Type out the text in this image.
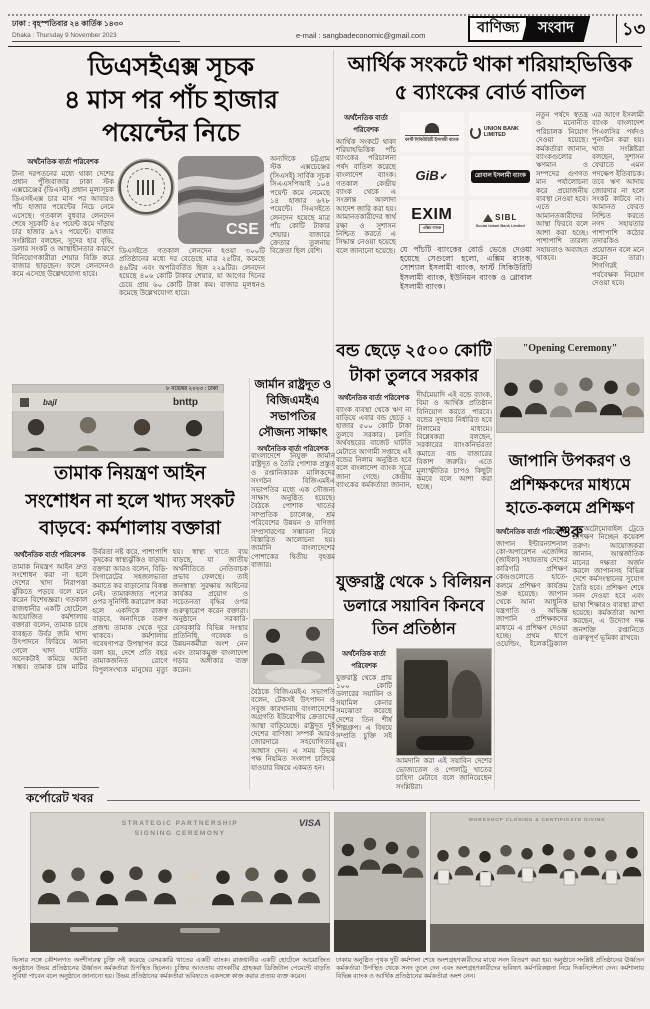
ঢাকা : বৃহস্পতিবার ২৪ কার্তিক ১৪৩০
Dhaka : Thursday 9 November 2023	e-mail : sangbadeconomic@gmail.com	বাণিজ্য	সংবাদ	১৩
ডিএসইএক্স সূচক
৪ মাস পর পাঁচ হাজার
পয়েন্টের নিচে
অর্থনৈতিক বার্তা পরিবেশক
টানা দরপতনের মধ্যে থাকা দেশের প্রধান পুঁজিবাজার ঢাকা স্টক এক্সচেঞ্জের (ডিএসই) প্রধান মূল্যসূচক ডিএসইএক্স চার মাস পর আবারও পাঁচ হাজার পয়েন্টের নিচে নেমে এসেছে। গতকাল বুধবার লেনদেন শেষে সূচকটি ৪৫ পয়েন্ট কমে দাঁড়ায় চার হাজার ৯৭২ পয়েন্টে। বাজার সংশ্লিষ্টরা বলছেন, সুদের হার বৃদ্ধি, ডলার সংকট ও আস্থাহীনতার কারণে বিনিয়োগকারীরা শেয়ার বিক্রি করে বাজার ছাড়ছেন। ফলে লেনদেনও কমে এসেছে উল্লেখযোগ্য হারে।
CSE
ডিএসইতে গতকাল লেনদেন হওয়া ৩০০টি প্রতিষ্ঠানের মধ্যে দর বেড়েছে মাত্র ২৫টির, কমেছে ৪৬টির এবং অপরিবর্তিত ছিল ২২৯টির। লেনদেন হয়েছে ৪০৬ কোটি টাকার শেয়ার, যা আগের দিনের চেয়ে প্রায় ৬০ কোটি টাকা কম। বাজার মূলধনও কমেছে উল্লেখযোগ্য হারে।
অন্যদিকে চট্টগ্রাম স্টক এক্সচেঞ্জের (সিএসই) সার্বিক সূচক সিএএসপিআই ১০৪ পয়েন্ট কমে নেমেছে ১৪ হাজার ৬৭৮ পয়েন্টে। সিএসইতে লেনদেন হয়েছে মাত্র পাঁচ কোটি টাকার শেয়ার। বাজারে ক্রেতার তুলনায় বিক্রেতা ছিল বেশি।
৮ নভেম্বর ২০২৩ : ঢাকা
bajl	bnttp
তামাক নিয়ন্ত্রণ আইন
সংশোধন না হলে খাদ্য সংকট
বাড়বে: কর্মশালায় বক্তারা
অর্থনৈতিক বার্তা পরিবেশক
তামাক নিয়ন্ত্রণ আইন দ্রুত সংশোধন করা না হলে দেশের খাদ্য নিরাপত্তা ঝুঁকিতে পড়বে বলে মনে করেন বিশেষজ্ঞরা। গতকাল রাজধানীর একটি হোটেলে আয়োজিত কর্মশালায় বক্তারা বলেন, তামাক চাষে ব্যবহৃত উর্বর জমি খাদ্য উৎপাদনে ফিরিয়ে আনা গেলে খাদ্য ঘাটতি অনেকটাই কমিয়ে আনা সম্ভব। তামাক চাষ মাটির উর্বরতা নষ্ট করে, পাশাপাশি কৃষকের স্বাস্থ্যঝুঁকিও বাড়ায়। বক্তারা আরও বলেন, বিড়ি-সিগারেটের সহজলভ্যতা কমাতে কর বাড়ানোর বিকল্প নেই। তামাকজাত পণ্যের ওপর সুনির্দিষ্ট করারোপ করা হলে একদিকে রাজস্ব বাড়বে, অন্যদিকে তরুণ প্রজন্ম তামাক থেকে দূরে থাকবে। কর্মশালায় গবেষণাপত্র উপস্থাপন করে বলা হয়, দেশে প্রতি বছর তামাকজনিত রোগে বিপুলসংখ্যক মানুষের মৃত্যু হয়। স্বাস্থ্য খাতে ব্যয় বাড়ছে, যা জাতীয় অর্থনীতিতে নেতিবাচক প্রভাব ফেলছে। তাই জনস্বাস্থ্য সুরক্ষায় আইনের কার্যকর প্রয়োগ ও সচেতনতা বৃদ্ধির ওপর গুরুত্বারোপ করেন বক্তারা। অনুষ্ঠানে সরকারি-বেসরকারি বিভিন্ন সংস্থার প্রতিনিধি, গবেষক ও উন্নয়নকর্মীরা অংশ নেন এবং তামাকমুক্ত বাংলাদেশ গড়ার অঙ্গীকার ব্যক্ত করেন।
জার্মান রাষ্ট্রদূত ও
বিজিএমইএ
সভাপতির
সৌজন্য সাক্ষাৎ
অর্থনৈতিক বার্তা পরিবেশক
বাংলাদেশে নিযুক্ত জার্মান রাষ্ট্রদূত ও তৈরি পোশাক প্রস্তুত ও রপ্তানিকারক মালিকদের সংগঠন বিজিএমইএ সভাপতির মধ্যে এক সৌজন্য সাক্ষাৎ অনুষ্ঠিত হয়েছে। বৈঠকে পোশাক খাতের সাম্প্রতিক চ্যালেঞ্জ, শ্রম পরিবেশের উন্নয়ন ও বাণিজ্য সম্প্রসারণের সম্ভাবনা নিয়ে বিস্তারিত আলোচনা হয়। জার্মানি বাংলাদেশের পোশাকের দ্বিতীয় বৃহত্তম বাজার।
বৈঠকে বিজিএমইএ সভাপতি বলেন, টেকসই উৎপাদন ও সবুজ কারখানায় বাংলাদেশের অগ্রগতি ইউরোপীয় ক্রেতাদের আস্থা বাড়িয়েছে। রাষ্ট্রদূত দুই দেশের বাণিজ্য সম্পর্ক আরও জোরদারে সহযোগিতার আশ্বাস দেন। এ সময় উভয় পক্ষ নিয়মিত সংলাপ চালিয়ে যাওয়ার বিষয়ে একমত হন।
আর্থিক সংকটে থাকা শরিয়াহভিত্তিক
৫ ব্যাংকের বোর্ড বাতিল
অর্থনৈতিক বার্তা পরিবেশক
আর্থিক সংকটে থাকা শরিয়াহভিত্তিক পাঁচ ব্যাংকের পরিচালনা পর্ষদ বাতিল করেছে বাংলাদেশ ব্যাংক। গতকাল কেন্দ্রীয় ব্যাংক থেকে এ সংক্রান্ত আলাদা আদেশ জারি করা হয়। আমানতকারীদের স্বার্থ রক্ষা ও সুশাসন নিশ্চিত করতে এ সিদ্ধান্ত নেওয়া হয়েছে বলে জানানো হয়েছে।
ফার্স্ট সিকিউরিটি ইসলামী ব্যাংক
UNION BANK LIMITED
GiB✔	গ্লোবাল ইসলামী ব্যাংক
EXIM
এক্সিম ব্যাংক
SIBL
Social Islami Bank Limited
যে পাঁচটি ব্যাংকের বোর্ড ভেঙে দেওয়া হয়েছে সেগুলো হলো, এক্সিম ব্যাংক, সোশ্যাল ইসলামী ব্যাংক, ফার্স্ট সিকিউরিটি ইসলামী ব্যাংক, ইউনিয়ন ব্যাংক ও গ্লোবাল ইসলামী ব্যাংক।
নতুন পর্ষদে স্বতন্ত্র ও মনোনীত পরিচালক নিয়োগ দেওয়া হয়েছে। কর্মকর্তারা জানান, ব্যাংকগুলোর ঋণমান ও সম্পদের গুণগত মান পর্যালোচনা করে প্রয়োজনীয় ব্যবস্থা নেওয়া হবে। এতে আমানতকারীদের আস্থা ফিরবে বলে আশা করা হচ্ছে। পাশাপাশি তারল্য সহায়তাও অব্যাহত থাকবে।
এর আগে ইসলামী ব্যাংক বাংলাদেশ পিএলসির পর্ষদও পুনর্গঠন করা হয়। খাত সংশ্লিষ্টরা বলছেন, সুশাসন ফেরাতে এমন পদক্ষেপ ইতিবাচক। তবে ঋণ আদায় জোরদার না হলে সংকট কাটবে না। আমানত ফেরত নিশ্চিত করতে নগদ সহায়তার পাশাপাশি কঠোর তদারকিও প্রয়োজন বলে মনে করেন তারা। শিগগিরই পর্যবেক্ষক নিয়োগ দেওয়া হবে।
বন্ড ছেড়ে ২৫০০ কোটি
টাকা তুলবে সরকার
অর্থনৈতিক বার্তা পরিবেশক
ব্যাংক ব্যবস্থা থেকে ঋণ না বাড়িয়ে এবার বন্ড ছেড়ে ২ হাজার ৫০০ কোটি টাকা তুলবে সরকার। চলতি অর্থবছরের বাজেট ঘাটতি মেটাতে আগামী সপ্তাহে এই বন্ডের নিলাম অনুষ্ঠিত হবে বলে বাংলাদেশ ব্যাংক সূত্রে জানা গেছে। কেন্দ্রীয় ব্যাংকের কর্মকর্তারা জানান, দীর্ঘমেয়াদি এই বন্ডে ব্যাংক, বিমা ও আর্থিক প্রতিষ্ঠান বিনিয়োগ করতে পারবে। বন্ডের সুদহার নির্ধারিত হবে নিলামের মাধ্যমে। বিশ্লেষকরা বলছেন, সরকারের ব্যাংকনির্ভরতা কমাতে বন্ড বাজারের বিকাশ জরুরি। এতে মূল্যস্ফীতির চাপও কিছুটা কমবে বলে আশা করা হচ্ছে।
"Opening Ceremony"
জাপানি উপকরণ ও
প্রশিক্ষকদের মাধ্যমে
হাতে-কলমে প্রশিক্ষণ শুরু
অর্থনৈতিক বার্তা পরিবেশক
জাপান ইন্টারন্যাশনাল কো-অপারেশন এজেন্সির (জাইকা) সহায়তায় দেশের কারিগরি প্রশিক্ষণ কেন্দ্রগুলোতে হাতে-কলমে প্রশিক্ষণ কার্যক্রম শুরু হয়েছে। জাপান থেকে আনা আধুনিক যন্ত্রপাতি ও অভিজ্ঞ জাপানি প্রশিক্ষকদের মাধ্যমে এ প্রশিক্ষণ দেওয়া হচ্ছে। প্রথম ধাপে ওয়েল্ডিং, ইলেকট্রিক্যাল ও অটোমোবাইল ট্রেডে প্রশিক্ষণ নিচ্ছেন কয়েকশ তরুণ। আয়োজকরা জানান, আন্তর্জাতিক মানের দক্ষতা অর্জন করলে জাপানসহ বিভিন্ন দেশে কর্মসংস্থানের সুযোগ তৈরি হবে। প্রশিক্ষণ শেষে সনদ দেওয়া হবে এবং ভাষা শিক্ষারও ব্যবস্থা রাখা হয়েছে। কর্মকর্তারা আশা করছেন, এ উদ্যোগ দক্ষ জনশক্তি রপ্তানিতে গুরুত্বপূর্ণ ভূমিকা রাখবে।
যুক্তরাষ্ট্র থেকে ১ বিলিয়ন
ডলারে সয়াবিন কিনবে
তিন প্রতিষ্ঠান
অর্থনৈতিক বার্তা পরিবেশক
যুক্তরাষ্ট্র থেকে প্রায় ১০০ কোটি ডলারের সয়াবিন ও সয়ামিল কেনার সমঝোতা করেছে দেশের তিন শীর্ষ শিল্পগ্রুপ। এ বিষয়ে সম্প্রতি চুক্তি সই হয়।
আমদানি করা এই সয়াবিন দেশের ভোজ্যতেল ও পোলট্রি খাতের চাহিদা মেটাবে বলে জানিয়েছেন সংশ্লিষ্টরা।
কর্পোরেট খবর
STRATEGIC PARTNERSHIP
SIGNING CEREMONY
VISA	WORKSHOP CLOSING & CERTIFICATE GIVING
ভিসার সঙ্গে কৌশলগত অংশীদারত্ব চুক্তি সই করেছে বেসরকারি খাতের একটি ব্যাংক। রাজধানীর একটি হোটেলে আয়োজিত অনুষ্ঠানে উভয় প্রতিষ্ঠানের ঊর্ধ্বতন কর্মকর্তারা উপস্থিত ছিলেন। চুক্তির আওতায় ব্যাংকটির গ্রাহকরা ডিজিটাল পেমেন্টে বাড়তি সুবিধা পাবেন বলে অনুষ্ঠানে জানানো হয়। উভয় প্রতিষ্ঠানের কর্মকর্তারা ভবিষ্যতে একসঙ্গে কাজ করার প্রত্যয় ব্যক্ত করেন।
ঢাকায় অনুষ্ঠিত পৃথক দুটি কর্মশালা শেষে অংশগ্রহণকারীদের মাঝে সনদ বিতরণ করা হয়। অনুষ্ঠানে সংশ্লিষ্ট প্রতিষ্ঠানের ঊর্ধ্বতন কর্মকর্তারা উপস্থিত থেকে সনদ তুলে দেন এবং অংশগ্রহণকারীদের ভবিষ্যৎ কর্মপরিকল্পনা নিয়ে দিকনির্দেশনা দেন। কর্মশালায় বিভিন্ন ব্যাংক ও আর্থিক প্রতিষ্ঠানের কর্মকর্তারা অংশ নেন।
